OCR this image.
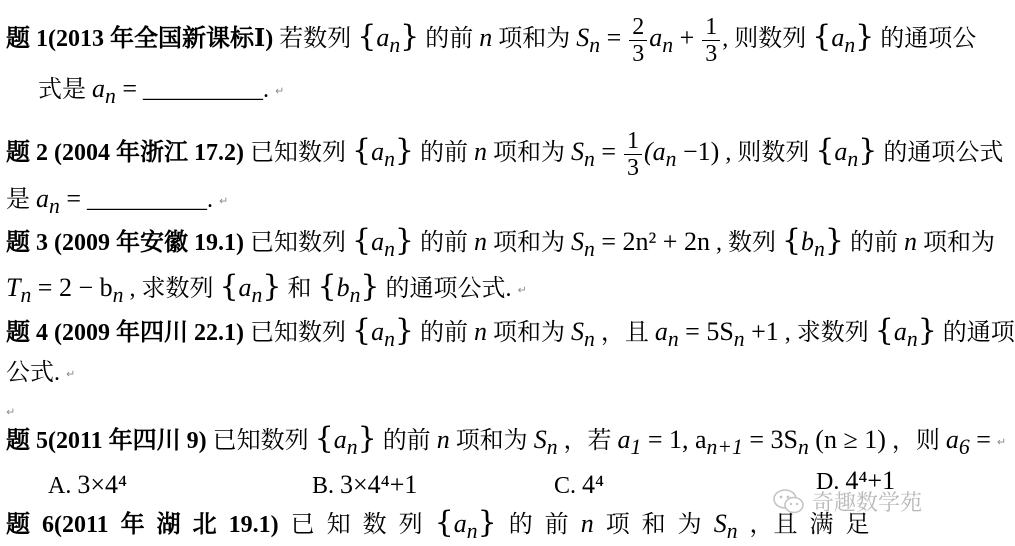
题 1(2013 年全国新课标Ⅰ) 若数列 $\{a_n\}$ 的前 n 项和为 $S_n = \frac{2}{3} a_n + \frac{1}{3}$ , 则数列 $\{a_n\}$ 的通项公
式是 $a_n$ = __________. ↵
题 2 (2004 年浙江 17.2) 已知数列 $\{a_n\}$ 的前 n 项和为 $S_n = \frac{1}{3} (a_n -1)$ , 则数列 $\{a_n\}$ 的通项公式
是 $a_n$ = __________. ↵
题 3 (2009 年安徽 19.1) 已知数列 $\{a_n\}$ 的前 n 项和为 $S_n = 2n^2 + 2n$ , 数列 $\{b_n\}$ 的前 n 项和为
$T_n = 2 - b_n$ , 求数列 $\{a_n\}$ 和 $\{b_n\}$ 的通项公式. ↵
题 4 (2009 年四川 22.1) 已知数列 $\{a_n\}$ 的前 n 项和为 $S_n$ ，且 $a_n = 5S_n +1$ , 求数列 $\{a_n\}$ 的通项
公式. ↵
↵
题 5(2011 年四川 9) 已知数列 $\{a_n\}$ 的前 n 项和为 $S_n$ ，若 $a_1 = 1$, $a_{n+1} = 3S_n$ (n ≥ 1) ，则 $a_6$ = ↵
A. 3×4⁴	B. 3×4⁴+1	C. 4⁴	D. 4⁴+1
题 6(2011 年 湖 北 19.1) 已 知 数 列 $\{a_n\}$ 的 前 n 项 和 为 $S_n$ ，且 满 足
奇趣数学苑
